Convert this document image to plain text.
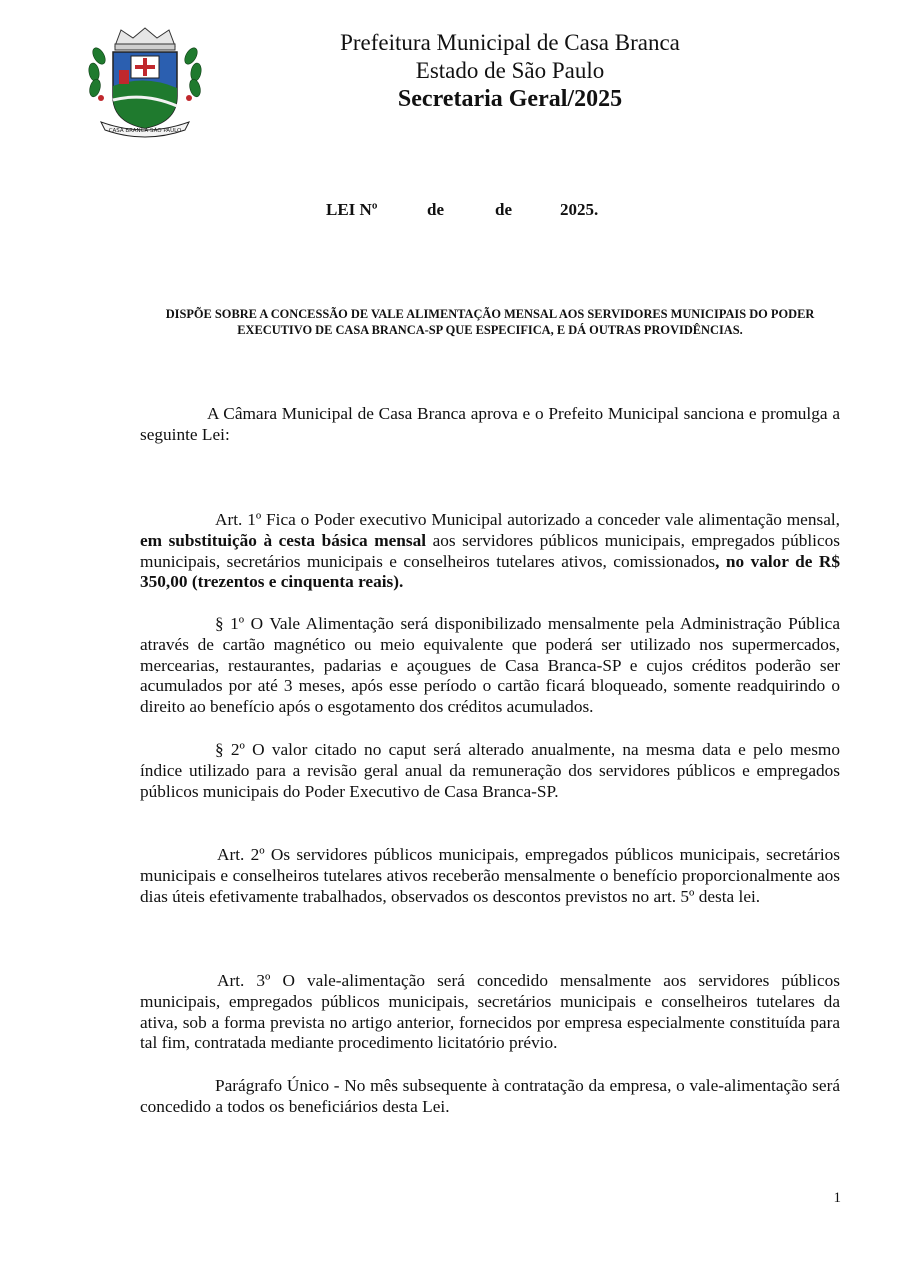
CASA BRANCA SÃO PAULO
Prefeitura Municipal de Casa Branca
Estado de São Paulo
Secretaria Geral/2025
LEI Nº	de	de	2025.
DISPÕE SOBRE A CONCESSÃO DE VALE ALIMENTAÇÃO MENSAL AOS SERVIDORES MUNICIPAIS DO PODER EXECUTIVO DE CASA BRANCA-SP QUE ESPECIFICA, E DÁ OUTRAS PROVIDÊNCIAS.
A Câmara Municipal de Casa Branca aprova e o Prefeito Municipal sanciona e promulga a seguinte Lei:
Art. 1º Fica o Poder executivo Municipal autorizado a conceder vale alimentação mensal, em substituição à cesta básica mensal aos servidores públicos municipais, empregados públicos municipais, secretários municipais e conselheiros tutelares ativos, comissionados, no valor de R$ 350,00 (trezentos e cinquenta reais).
§ 1º O Vale Alimentação será disponibilizado mensalmente pela Administração Pública através de cartão magnético ou meio equivalente que poderá ser utilizado nos supermercados, mercearias, restaurantes, padarias e açougues de Casa Branca-SP e cujos créditos poderão ser acumulados por até 3 meses, após esse período o cartão ficará bloqueado, somente readquirindo o direito ao benefício após o esgotamento dos créditos acumulados.
§ 2º O valor citado no caput será alterado anualmente, na mesma data e pelo mesmo índice utilizado para a revisão geral anual da remuneração dos servidores públicos e empregados públicos municipais do Poder Executivo de Casa Branca-SP.
Art. 2º Os servidores públicos municipais, empregados públicos municipais, secretários municipais e conselheiros tutelares ativos receberão mensalmente o benefício proporcionalmente aos dias úteis efetivamente trabalhados, observados os descontos previstos no art. 5º desta lei.
Art. 3º O vale-alimentação será concedido mensalmente aos servidores públicos municipais, empregados públicos municipais, secretários municipais e conselheiros tutelares da ativa, sob a forma prevista no artigo anterior, fornecidos por empresa especialmente constituída para tal fim, contratada mediante procedimento licitatório prévio.
Parágrafo Único - No mês subsequente à contratação da empresa, o vale-alimentação será concedido a todos os beneficiários desta Lei.
1
